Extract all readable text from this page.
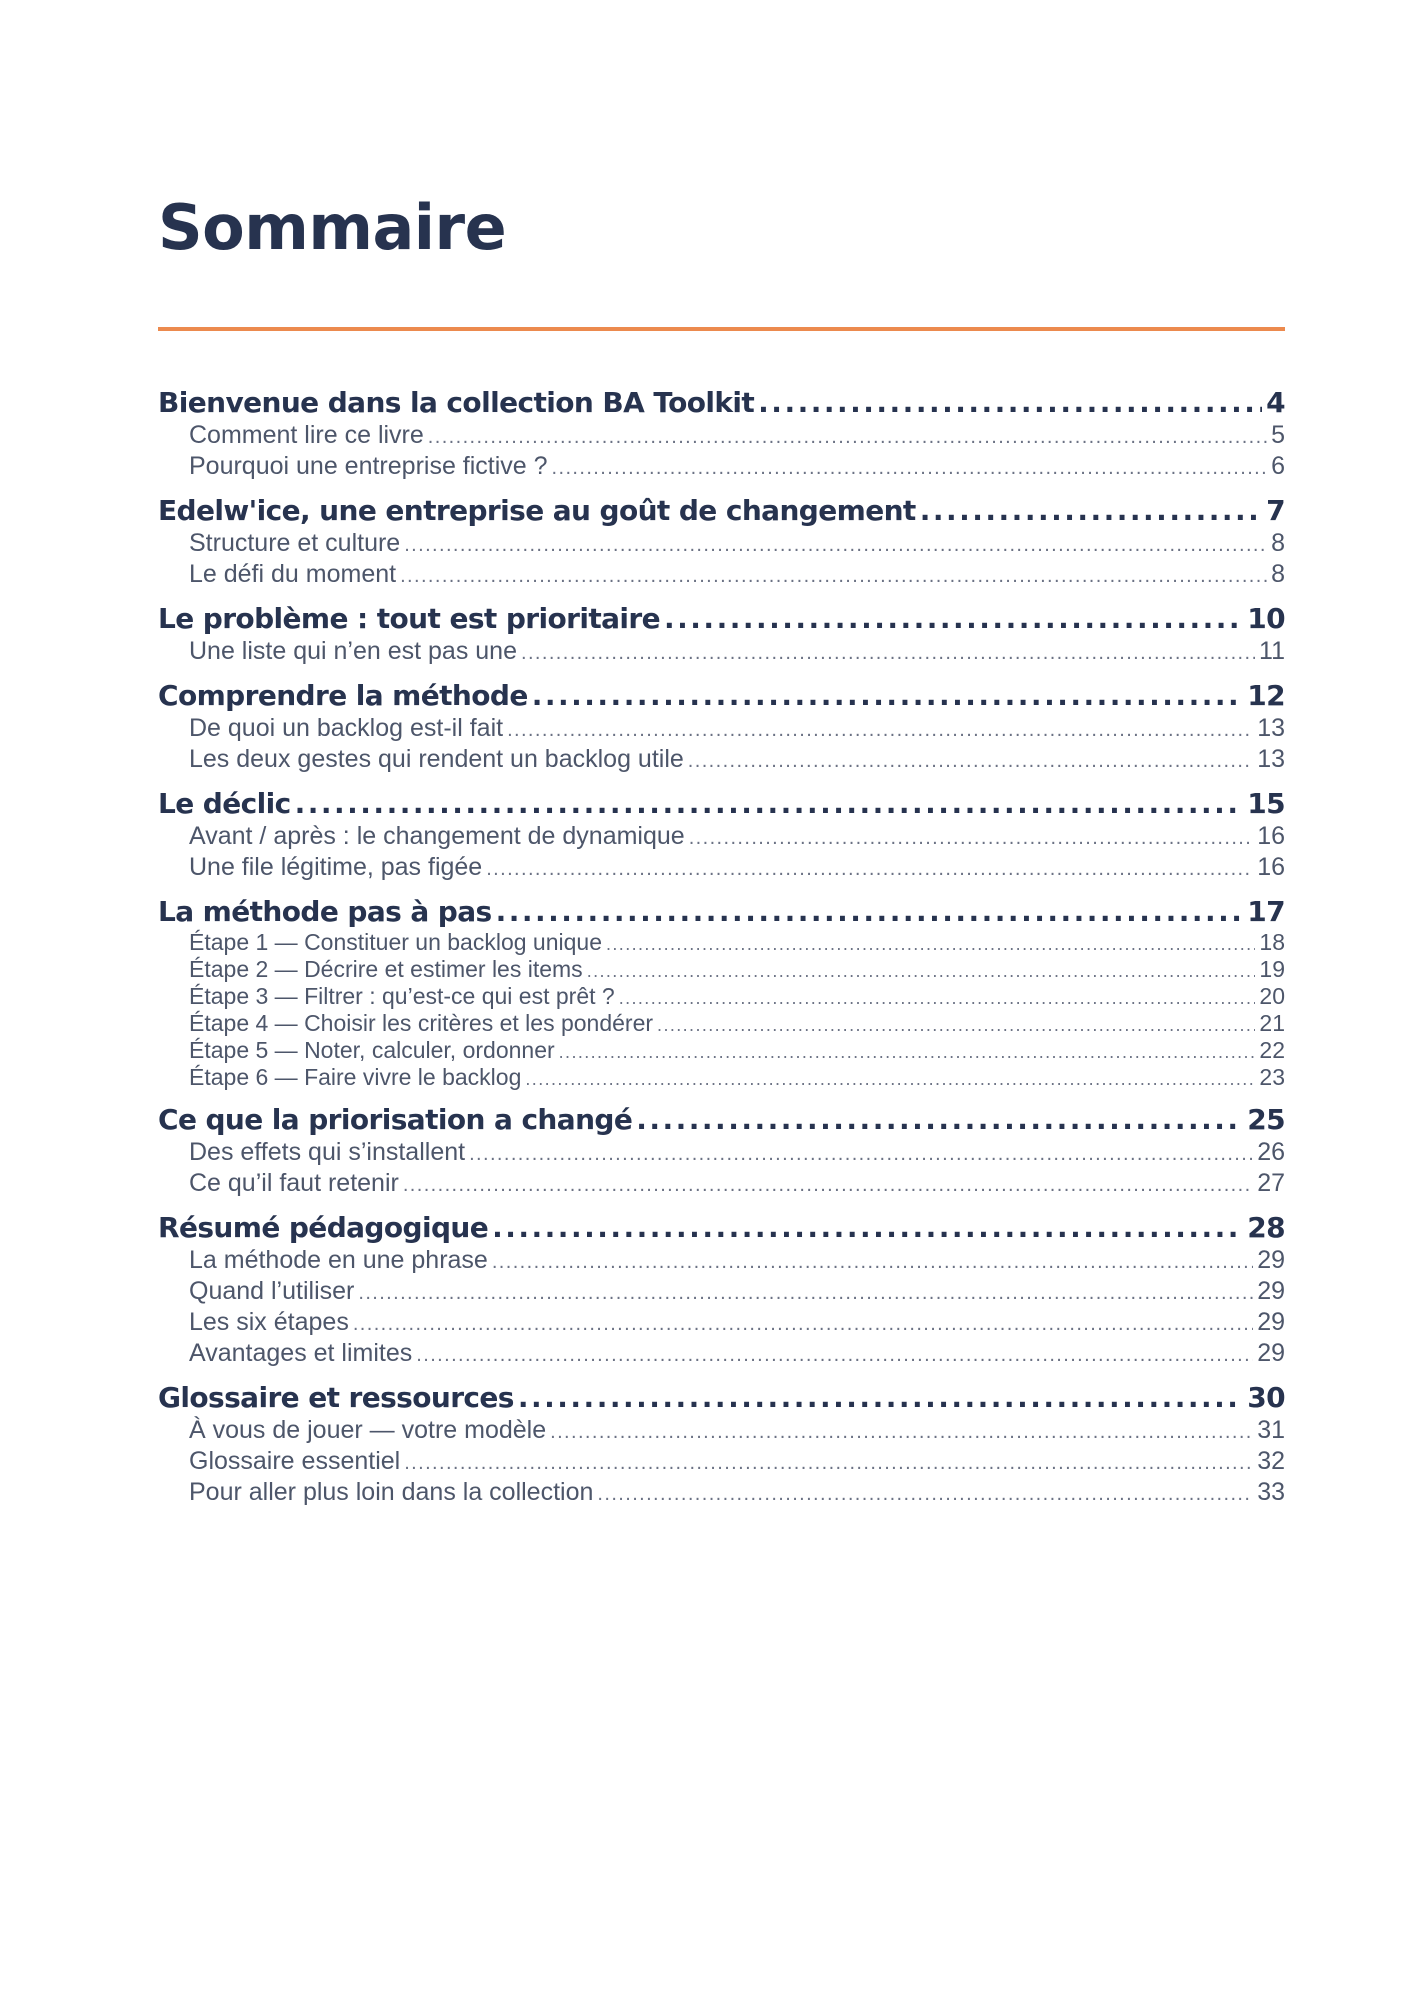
Sommaire
Bienvenue dans la collection BA Toolkit .....	4
Comment lire ce livre .....	5
Pourquoi une entreprise fictive ? .....	6
Edelw'ice, une entreprise au goût de changement .....	7
Structure et culture .....	8
Le défi du moment .....	8
Le problème : tout est prioritaire .....	10
Une liste qui n’en est pas une .....	11
Comprendre la méthode .....	12
De quoi un backlog est-il fait .....	13
Les deux gestes qui rendent un backlog utile .....	13
Le déclic .....	15
Avant / après : le changement de dynamique .....	16
Une file légitime, pas figée .....	16
La méthode pas à pas .....	17
Étape 1 — Constituer un backlog unique .....	18
Étape 2 — Décrire et estimer les items .....	19
Étape 3 — Filtrer : qu’est-ce qui est prêt ? .....	20
Étape 4 — Choisir les critères et les pondérer .....	21
Étape 5 — Noter, calculer, ordonner .....	22
Étape 6 — Faire vivre le backlog .....	23
Ce que la priorisation a changé .....	25
Des effets qui s’installent .....	26
Ce qu’il faut retenir .....	27
Résumé pédagogique .....	28
La méthode en une phrase .....	29
Quand l’utiliser .....	29
Les six étapes .....	29
Avantages et limites .....	29
Glossaire et ressources .....	30
À vous de jouer — votre modèle .....	31
Glossaire essentiel .....	32
Pour aller plus loin dans la collection .....	33
